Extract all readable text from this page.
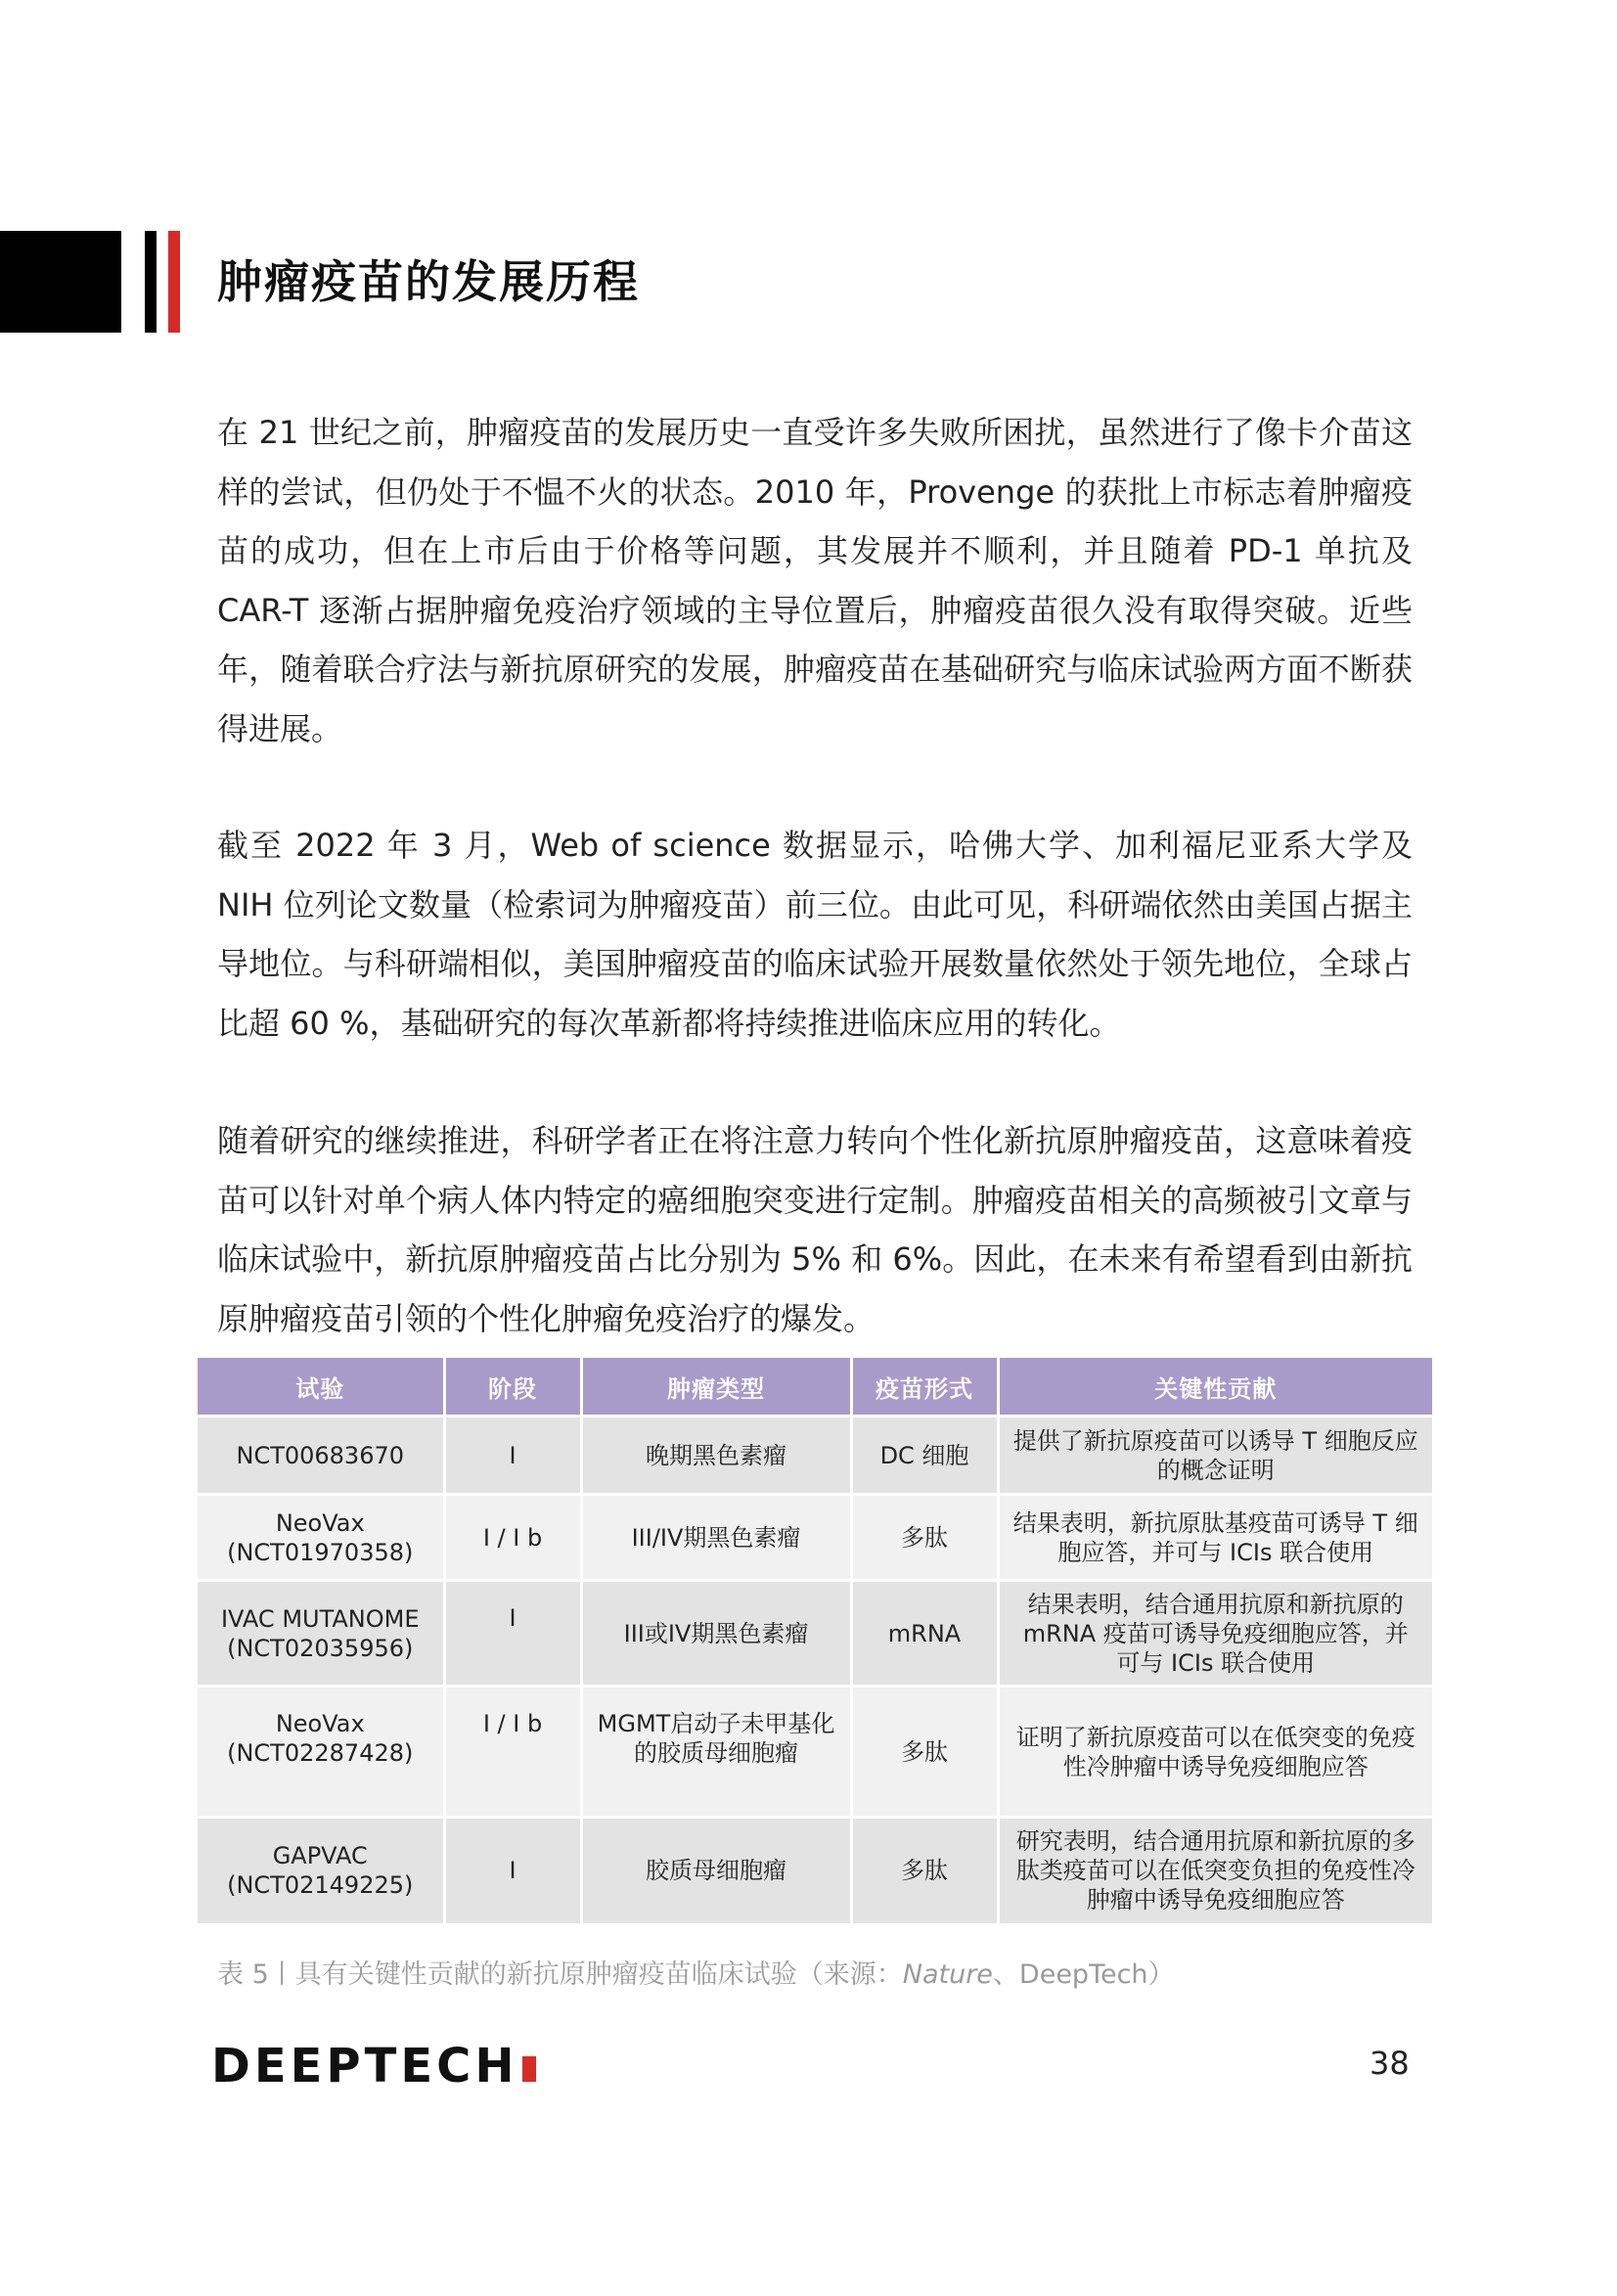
肿瘤疫苗的发展历程

在 21 世纪之前，肿瘤疫苗的发展历史一直受许多失败所困扰，虽然进行了像卡介苗这样的尝试，但仍处于不愠不火的状态。2010 年，Provenge 的获批上市标志着肿瘤疫苗的成功，但在上市后由于价格等问题，其发展并不顺利，并且随着 PD-1 单抗及 CAR-T 逐渐占据肿瘤免疫治疗领域的主导位置后，肿瘤疫苗很久没有取得突破。近些年，随着联合疗法与新抗原研究的发展，肿瘤疫苗在基础研究与临床试验两方面不断获得进展。

截至 2022 年 3 月，Web of science 数据显示，哈佛大学、加利福尼亚系大学及 NIH 位列论文数量（检索词为肿瘤疫苗）前三位。由此可见，科研端依然由美国占据主导地位。与科研端相似，美国肿瘤疫苗的临床试验开展数量依然处于领先地位，全球占比超 60 %，基础研究的每次革新都将持续推进临床应用的转化。

随着研究的继续推进，科研学者正在将注意力转向个性化新抗原肿瘤疫苗，这意味着疫苗可以针对单个病人体内特定的癌细胞突变进行定制。肿瘤疫苗相关的高频被引文章与临床试验中，新抗原肿瘤疫苗占比分别为 5% 和 6%。因此，在未来有希望看到由新抗原肿瘤疫苗引领的个性化肿瘤免疫治疗的爆发。

试验	阶段	肿瘤类型	疫苗形式	关键性贡献
NCT00683670	I	晚期黑色素瘤	DC 细胞	提供了新抗原疫苗可以诱导 T 细胞反应的概念证明

NeoVax
(NCT01970358)	I / I b	III/IV期黑色素瘤	多肽	结果表明，新抗原肽基疫苗可诱导 T 细胞应答，并可与 ICIs 联合使用

IVAC MUTANOME
(NCT02035956)	I	III或IV期黑色素瘤	mRNA	结果表明，结合通用抗原和新抗原的 mRNA 疫苗可诱导免疫细胞应答，并可与 ICIs 联合使用

NeoVax
(NCT02287428)	I / I b	MGMT启动子未甲基化的胶质母细胞瘤	多肽	证明了新抗原疫苗可以在低突变的免疫性冷肿瘤中诱导免疫细胞应答

GAPVAC
(NCT02149225)	I	胶质母细胞瘤	多肽	研究表明，结合通用抗原和新抗原的多肽类疫苗可以在低突变负担的免疫性冷肿瘤中诱导免疫细胞应答

表 5丨具有关键性贡献的新抗原肿瘤疫苗临床试验（来源：Nature、DeepTech）

DEEPTECH	38
